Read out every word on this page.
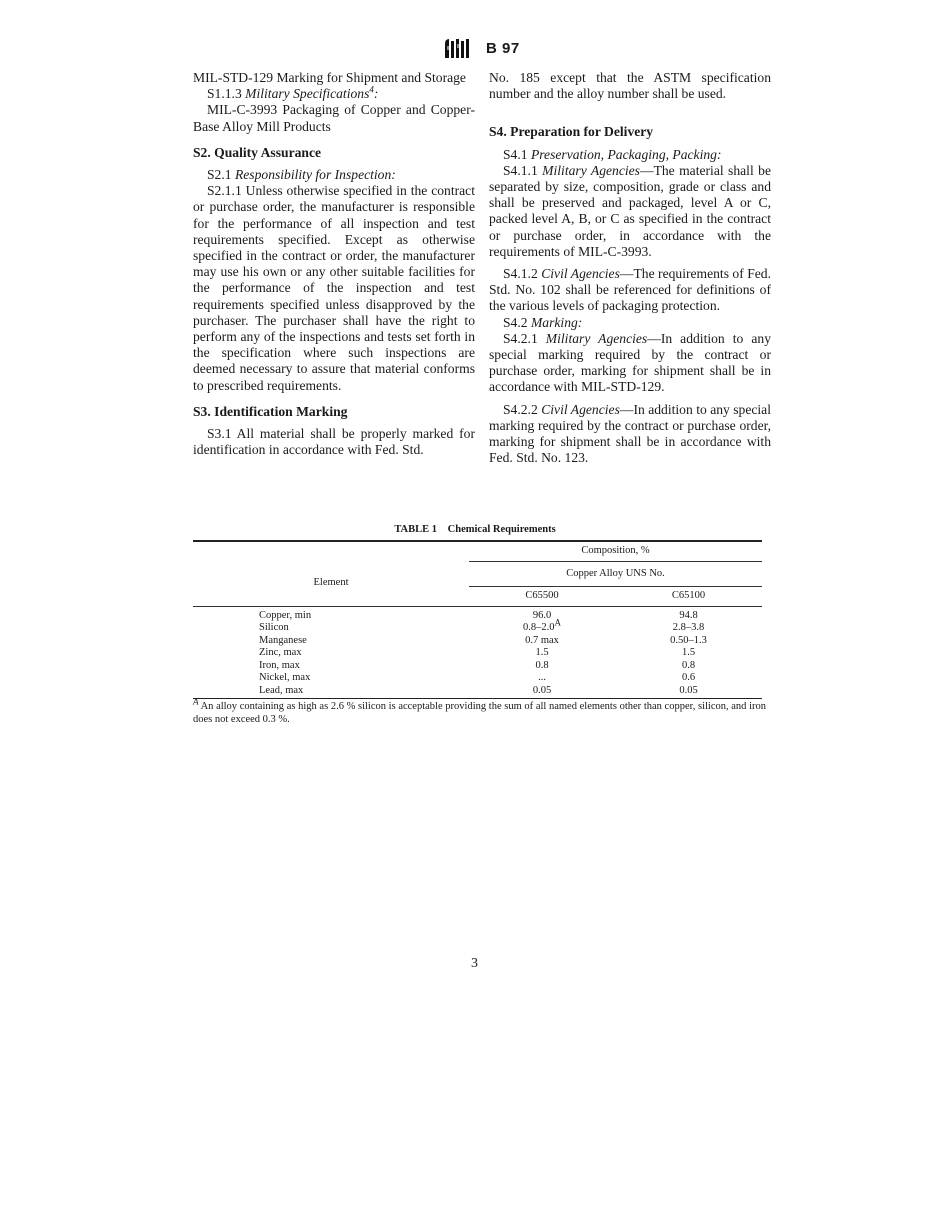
B 97

MIL-STD-129 Marking for Shipment and Storage

S1.1.3 Military Specifications$^4$:

MIL-C-3993 Packaging of Copper and Copper-Base Alloy Mill Products

S2. Quality Assurance

S2.1 Responsibility for Inspection:

S2.1.1 Unless otherwise specified in the contract or purchase order, the manufacturer is responsible for the performance of all inspection and test requirements specified. Except as otherwise specified in the contract or order, the manufacturer may use his own or any other suitable facilities for the performance of the inspection and test requirements specified unless disapproved by the purchaser. The purchaser shall have the right to perform any of the inspections and tests set forth in the specification where such inspections are deemed necessary to assure that material conforms to prescribed requirements.

S3. Identification Marking

S3.1 All material shall be properly marked for identification in accordance with Fed. Std.

No. 185 except that the ASTM specification number and the alloy number shall be used.

S4. Preparation for Delivery

S4.1 Preservation, Packaging, Packing:

S4.1.1 Military Agencies—The material shall be separated by size, composition, grade or class and shall be preserved and packaged, level A or C, packed level A, B, or C as specified in the contract or purchase order, in accordance with the requirements of MIL-C-3993.

S4.1.2 Civil Agencies—The requirements of Fed. Std. No. 102 shall be referenced for definitions of the various levels of packaging protection.

S4.2 Marking:

S4.2.1 Military Agencies—In addition to any special marking required by the contract or purchase order, marking for shipment shall be in accordance with MIL-STD-129.

S4.2.2 Civil Agencies—In addition to any special marking required by the contract or purchase order, marking for shipment shall be in accordance with Fed. Std. No. 123.

TABLE 1 Chemical Requirements
	Composition, %	
Element	Copper Alloy UNS No.	
	C65500	C65100
Copper, min	96.0	94.8
Silicon	$0.8-2.0^A$	2.8–3.8
Manganese	0.7 max	0.50–1.3
Zinc, max	1.5	1.5
Iron, max	0.8	0.8
Nickel, max	...	0.6
Lead, max	0.05	0.05
$^A$ An alloy containing as high as 2.6 % silicon is acceptable providing the sum of all named elements other than copper, silicon, and iron does not exceed 0.3 %.
3
